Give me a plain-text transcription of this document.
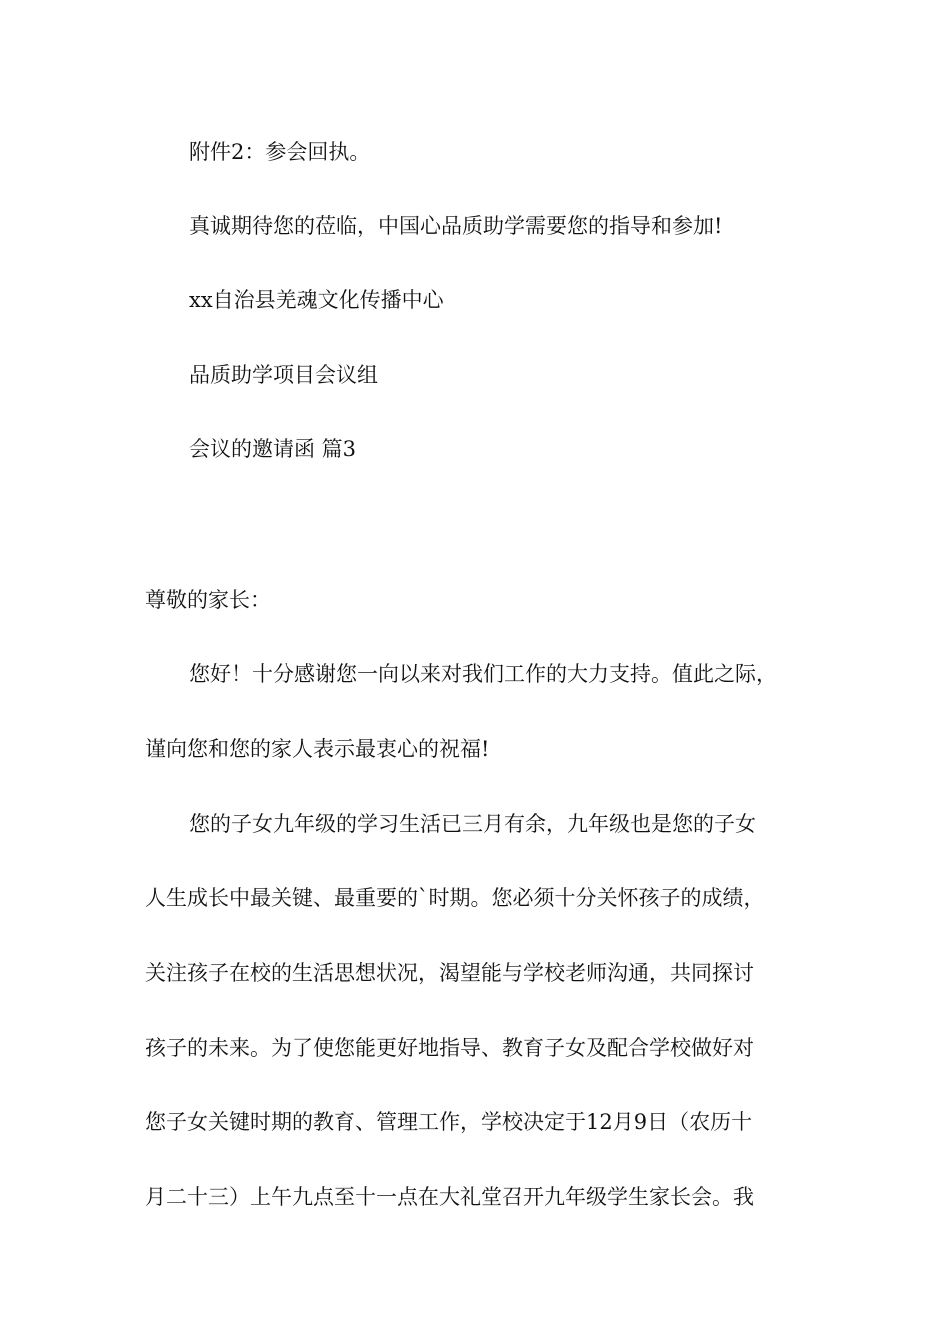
附件2：参会回执。
真诚期待您的莅临，中国心品质助学需要您的指导和参加!
xx自治县羌魂文化传播中心
品质助学项目会议组
会议的邀请函 篇3
尊敬的家长：
您好！十分感谢您一向以来对我们工作的大力支持。值此之际，
谨向您和您的家人表示最衷心的祝福!
您的子女九年级的学习生活已三月有余，九年级也是您的子女
人生成长中最关键、最重要的`时期。您必须十分关怀孩子的成绩，
关注孩子在校的生活思想状况，渴望能与学校老师沟通，共同探讨
孩子的未来。为了使您能更好地指导、教育子女及配合学校做好对
您子女关键时期的教育、管理工作，学校决定于12月9日（农历十
月二十三）上午九点至十一点在大礼堂召开九年级学生家长会。我
